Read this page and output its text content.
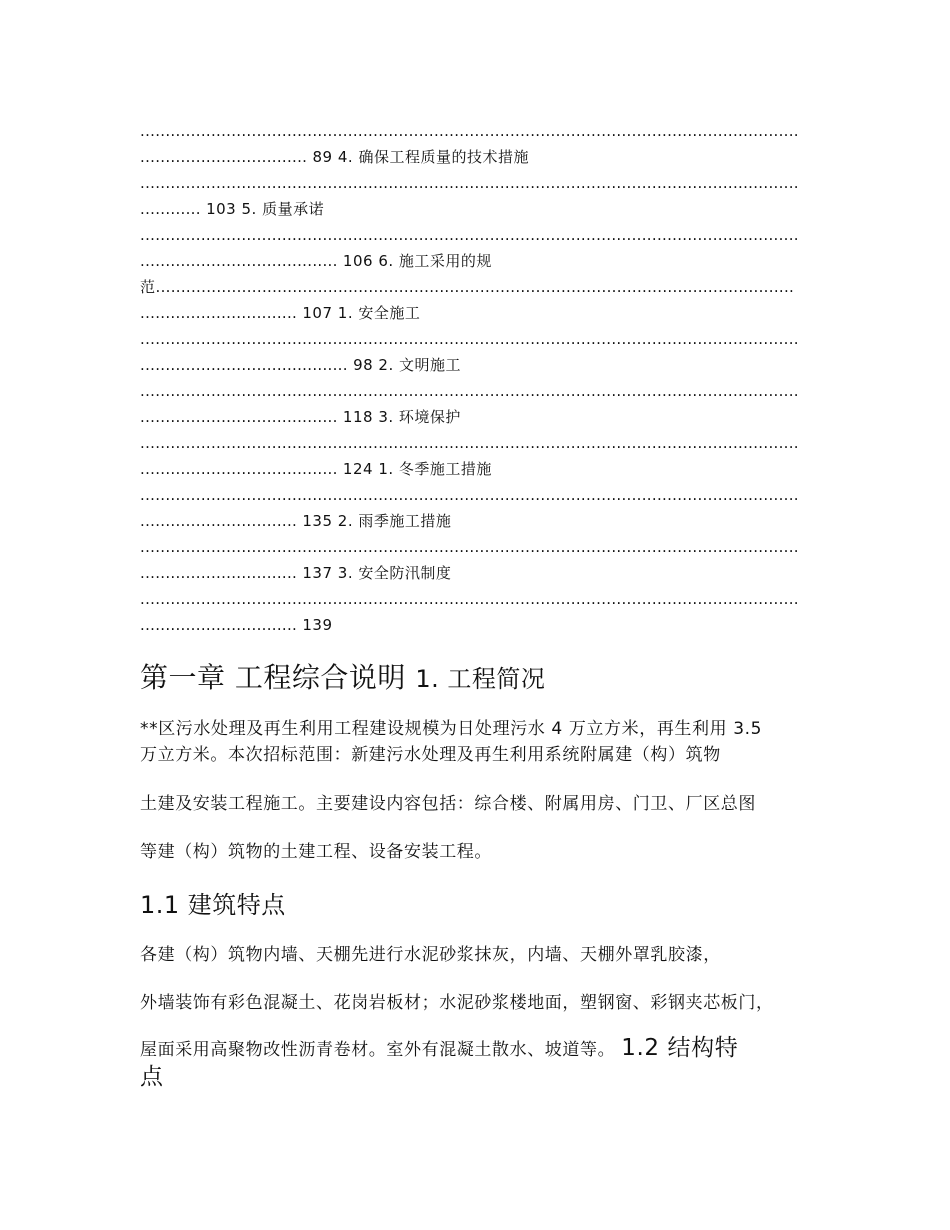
..................................................................................................................................
................................. 89 4. 确保工程质量的技术措施
..................................................................................................................................
............ 103 5. 质量承诺
..................................................................................................................................
....................................... 106 6. 施工采用的规
范..............................................................................................................................
............................... 107 1. 安全施工
..................................................................................................................................
......................................... 98 2. 文明施工
..................................................................................................................................
....................................... 118 3. 环境保护
..................................................................................................................................
....................................... 124 1. 冬季施工措施
..................................................................................................................................
............................... 135 2. 雨季施工措施
..................................................................................................................................
............................... 137 3. 安全防汛制度
..................................................................................................................................
............................... 139
第一章 工程综合说明 1. 工程简况
**区污水处理及再生利用工程建设规模为日处理污水 4 万立方米，再生利用 3.5
万立方米。本次招标范围：新建污水处理及再生利用系统附属建（构）筑物
土建及安装工程施工。主要建设内容包括：综合楼、附属用房、门卫、厂区总图
等建（构）筑物的土建工程、设备安装工程。
1.1 建筑特点
各建（构）筑物内墙、天棚先进行水泥砂浆抹灰，内墙、天棚外罩乳胶漆，
外墙装饰有彩色混凝土、花岗岩板材；水泥砂浆楼地面，塑钢窗、彩钢夹芯板门，
屋面采用高聚物改性沥青卷材。室外有混凝土散水、坡道等。 1.2 结构特
点
